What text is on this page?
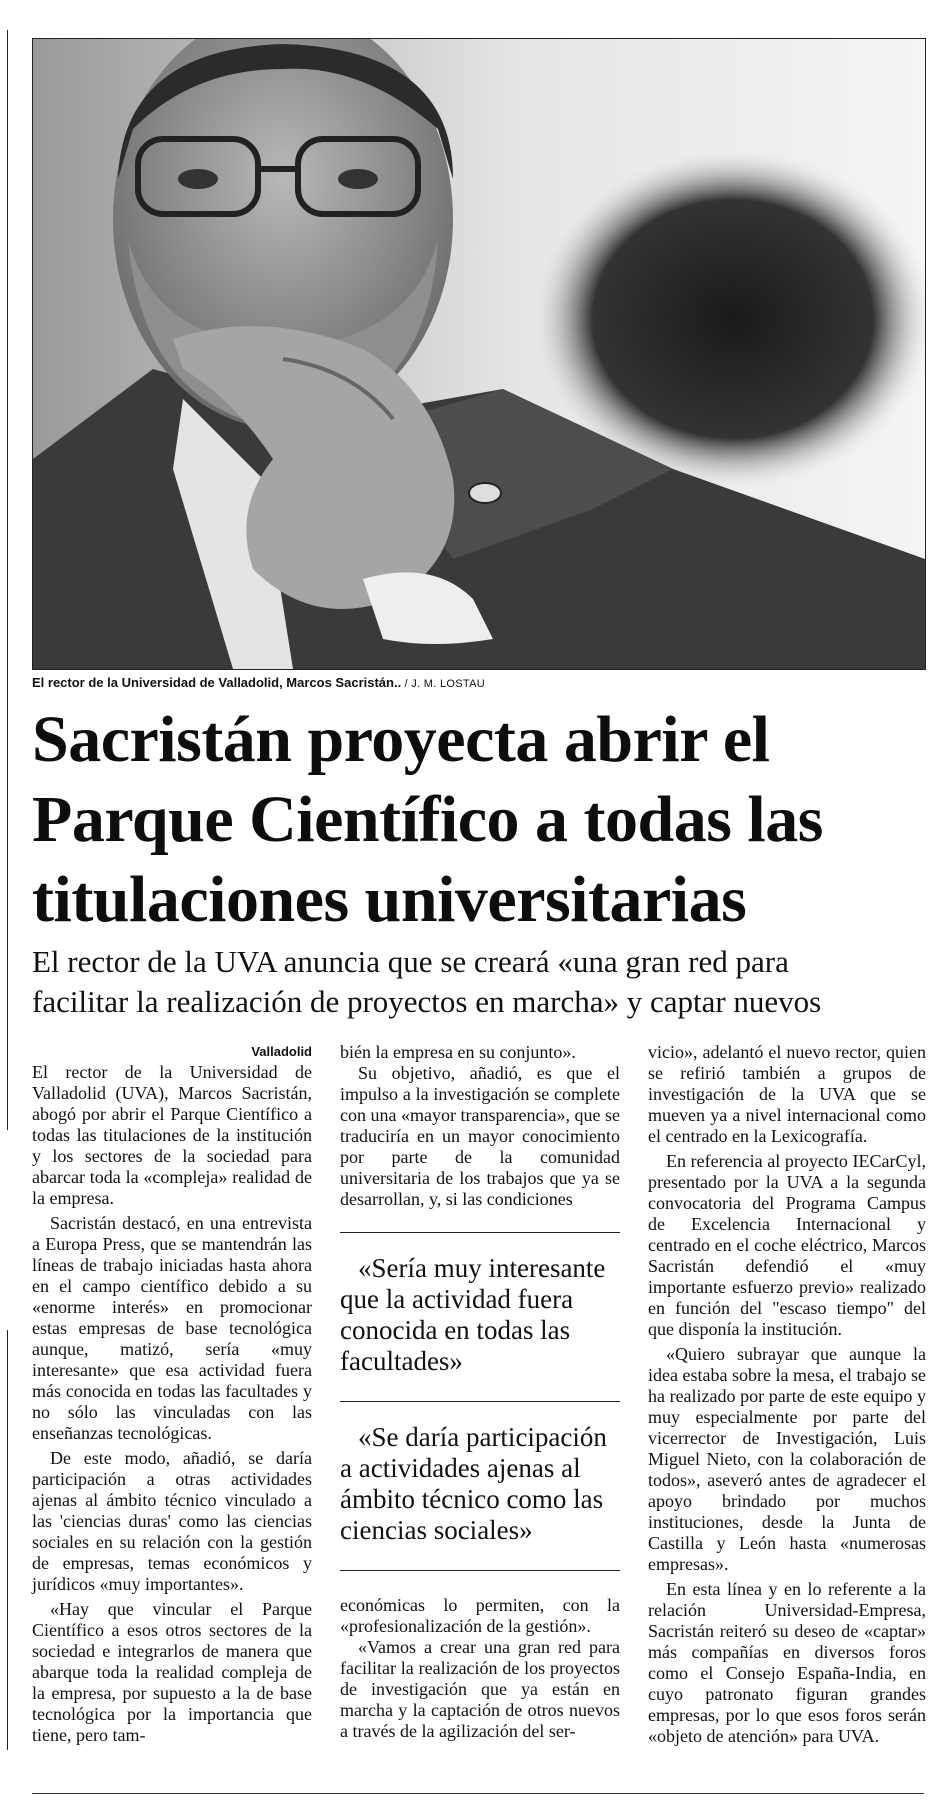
El rector de la Universidad de Valladolid, Marcos Sacristán.. / J. M. LOSTAU
Sacristán proyecta abrir el
Parque Científico a todas las
titulaciones universitarias
El rector de la UVA anuncia que se creará «una gran red para
facilitar la realización de proyectos en marcha» y captar nuevos
Valladolid

El rector de la Universidad de Valladolid (UVA), Marcos Sacristán, abogó por abrir el Parque Científico a todas las titulaciones de la institución y los sectores de la sociedad para abarcar toda la «compleja» realidad de la empresa.

Sacristán destacó, en una entrevista a Europa Press, que se mantendrán las líneas de trabajo iniciadas hasta ahora en el campo científico debido a su «enorme interés» en promocionar estas empresas de base tecnológica aunque, matizó, sería «muy interesante» que esa actividad fuera más conocida en todas las facultades y no sólo las vinculadas con las enseñanzas tecnológicas.

De este modo, añadió, se daría participación a otras actividades ajenas al ámbito técnico vinculado a las 'ciencias duras' como las ciencias sociales en su relación con la gestión de empresas, temas económicos y jurídicos «muy importantes».

«Hay que vincular el Parque Científico a esos otros sectores de la sociedad e integrarlos de manera que abarque toda la realidad compleja de la empresa, por supuesto a la de base tecnológica por la importancia que tiene, pero tam-

bién la empresa en su conjunto».

Su objetivo, añadió, es que el impulso a la investigación se complete con una «mayor transparencia», que se traduciría en un mayor conocimiento por parte de la comunidad universitaria de los trabajos que ya se desarrollan, y, si las condiciones

«Sería muy interesante que la actividad fuera conocida en todas las facultades»

«Se daría participación a actividades ajenas al ámbito técnico como las ciencias sociales»

económicas lo permiten, con la «profesionalización de la gestión».

«Vamos a crear una gran red para facilitar la realización de los proyectos de investigación que ya están en marcha y la captación de otros nuevos a través de la agilización del ser-

vicio», adelantó el nuevo rector, quien se refirió también a grupos de investigación de la UVA que se mueven ya a nivel internacional como el centrado en la Lexicografía.

En referencia al proyecto IECarCyl, presentado por la UVA a la segunda convocatoria del Programa Campus de Excelencia Internacional y centrado en el coche eléctrico, Marcos Sacristán defendió el «muy importante esfuerzo previo» realizado en función del "escaso tiempo" del que disponía la institución.

«Quiero subrayar que aunque la idea estaba sobre la mesa, el trabajo se ha realizado por parte de este equipo y muy especialmente por parte del vicerrector de Investigación, Luis Miguel Nieto, con la colaboración de todos», aseveró antes de agradecer el apoyo brindado por muchos instituciones, desde la Junta de Castilla y León hasta «numerosas empresas».

En esta línea y en lo referente a la relación Universidad-Empresa, Sacristán reiteró su deseo de «captar» más compañías en diversos foros como el Consejo España-India, en cuyo patronato figuran grandes empresas, por lo que esos foros serán «objeto de atención» para UVA.
